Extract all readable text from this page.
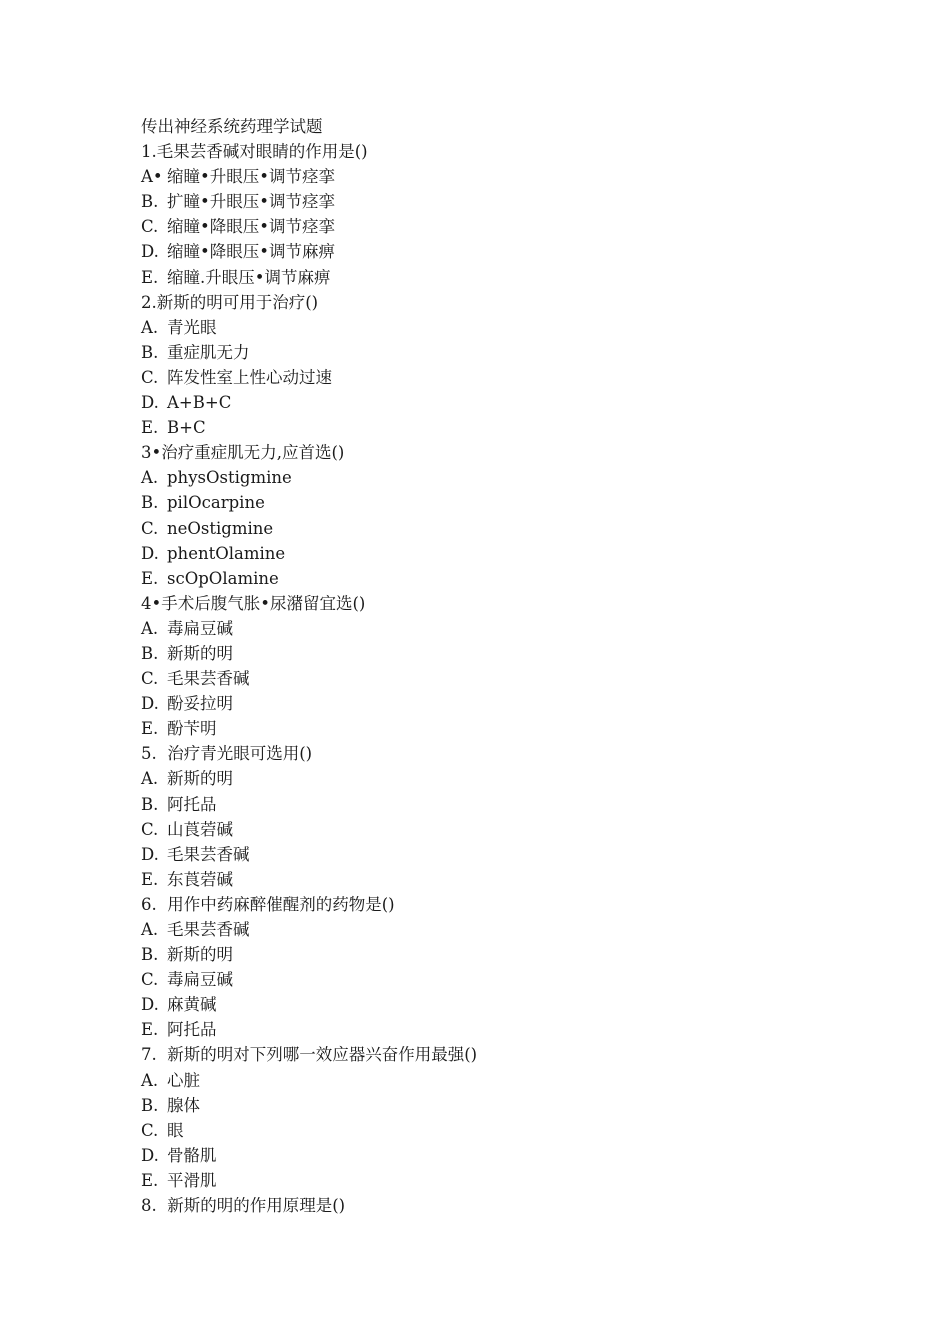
传出神经系统药理学试题
1.毛果芸香碱对眼睛的作用是()
A• 缩瞳•升眼压•调节痉挛
B. 扩瞳•升眼压•调节痉挛
C. 缩瞳•降眼压•调节痉挛
D. 缩瞳•降眼压•调节麻痹
E. 缩瞳.升眼压•调节麻痹
2.新斯的明可用于治疗()
A. 青光眼
B. 重症肌无力
C. 阵发性室上性心动过速
D. A+B+C
E. B+C
3•治疗重症肌无力,应首选()
A. physOstigmine
B. pilOcarpine
C. neOstigmine
D. phentOlamine
E. scOpOlamine
4•手术后腹气胀•尿潴留宜选()
A. 毒扁豆碱
B. 新斯的明
C. 毛果芸香碱
D. 酚妥拉明
E. 酚苄明
5.  治疗青光眼可选用()
A. 新斯的明
B. 阿托品
C. 山莨菪碱
D. 毛果芸香碱
E. 东莨菪碱
6.  用作中药麻醉催醒剂的药物是()
A. 毛果芸香碱
B. 新斯的明
C. 毒扁豆碱
D. 麻黄碱
E. 阿托品
7.  新斯的明对下列哪一效应器兴奋作用最强()
A. 心脏
B. 腺体
C. 眼
D. 骨骼肌
E. 平滑肌
8.  新斯的明的作用原理是()
